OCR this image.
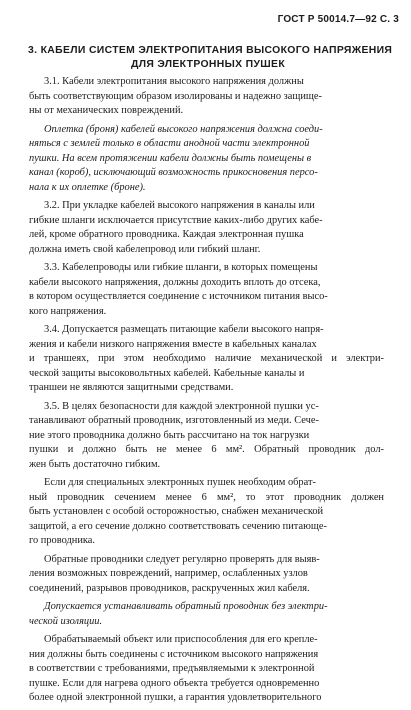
ГОСТ Р 50014.7—92 С. 3
3. КАБЕЛИ СИСТЕМ ЭЛЕКТРОПИТАНИЯ ВЫСОКОГО НАПРЯЖЕНИЯ
ДЛЯ ЭЛЕКТРОННЫХ ПУШЕК
3.1. Кабели электропитания высокого напряжения должны
быть соответствующим образом изолированы и надежно защище-
ны от механических повреждений.
Оплетка (броня) кабелей высокого напряжения должна соеди-
няться с землей только в области анодной части электронной
пушки. На всем протяжении кабели должны быть помещены в
канал (короб), исключающий возможность прикосновения персо-
нала к их оплетке (броне).
3.2. При укладке кабелей высокого напряжения в каналы или
гибкие шланги исключается присутствие каких-либо других кабе-
лей, кроме обратного проводника. Каждая электронная пушка
должна иметь свой кабелепровод или гибкий шланг.
3.3. Кабелепроводы или гибкие шланги, в которых помещены
кабели высокого напряжения, должны доходить вплоть до отсека,
в котором осуществляется соединение с источником питания высо-
кого напряжения.
3.4. Допускается размещать питающие кабели высокого напря-
жения и кабели низкого напряжения вместе в кабельных каналах
и траншеях, при этом необходимо наличие механической и электри-
ческой защиты высоковольтных кабелей. Кабельные каналы и
траншеи не являются защитными средствами.
3.5. В целях безопасности для каждой электронной пушки ус-
танавливают обратный проводник, изготовленный из меди. Сече-
ние этого проводника должно быть рассчитано на ток нагрузки
пушки и должно быть не менее 6 мм². Обратный проводник дол-
жен быть достаточно гибким.
Если для специальных электронных пушек необходим обрат-
ный проводник сечением менее 6 мм², то этот проводник должен
быть установлен с особой осторожностью, снабжен механической
защитой, а его сечение должно соответствовать сечению питающе-
го проводника.
Обратные проводники следует регулярно проверять для выяв-
ления возможных повреждений, например, ослабленных узлов
соединений, разрывов проводников, раскрученных жил кабеля.
Допускается устанавливать обратный проводник без электри-
ческой изоляции.
Обрабатываемый объект или приспособления для его крепле-
ния должны быть соединены с источником высокого напряжения
в соответствии с требованиями, предъявляемыми к электронной
пушке. Если для нагрева одного объекта требуется одновременно
более одной электронной пушки, а гарантия удовлетворительного
